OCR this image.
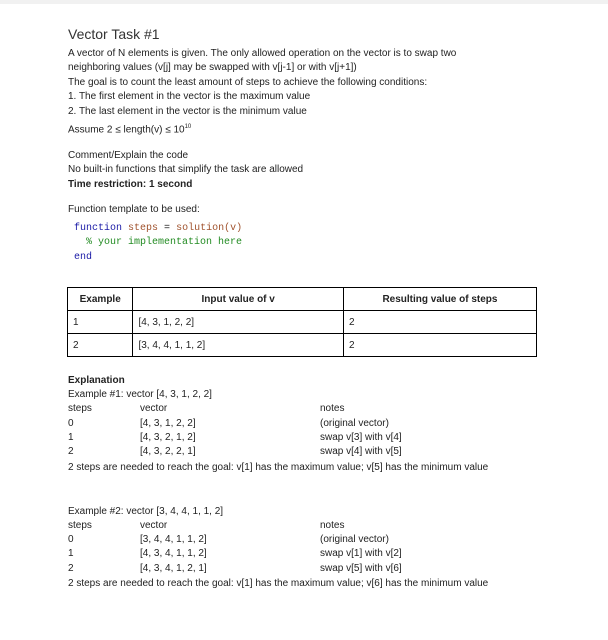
Vector Task #1
A vector of N elements is given. The only allowed operation on the vector is to swap two
neighboring values (v[j] may be swapped with v[j-1] or with v[j+1])
The goal is to count the least amount of steps to achieve the following conditions:
1. The first element in the vector is the maximum value
2. The last element in the vector is the minimum value
Assume 2 ≤ length(v) ≤ $10^{10}$
Comment/Explain the code
No built-in functions that simplify the task are allowed
Time restriction: 1 second
Function template to be used:
function steps = solution(v)
% your implementation here
end
Example	Input value of v	Resulting value of steps
1	[4, 3, 1, 2, 2]	2
2	[3, 4, 4, 1, 1, 2]	2
Explanation
Example #1: vector [4, 3, 1, 2, 2]
steps	vector	notes
0	[4, 3, 1, 2, 2]	(original vector)
1	[4, 3, 2, 1, 2]	swap v[3] with v[4]
2	[4, 3, 2, 2, 1]	swap v[4] with v[5]
2 steps are needed to reach the goal: v[1] has the maximum value; v[5] has the minimum value
Example #2: vector [3, 4, 4, 1, 1, 2]
steps	vector	notes
0	[3, 4, 4, 1, 1, 2]	(original vector)
1	[4, 3, 4, 1, 1, 2]	swap v[1] with v[2]
2	[4, 3, 4, 1, 2, 1]	swap v[5] with v[6]
2 steps are needed to reach the goal: v[1] has the maximum value; v[6] has the minimum value
